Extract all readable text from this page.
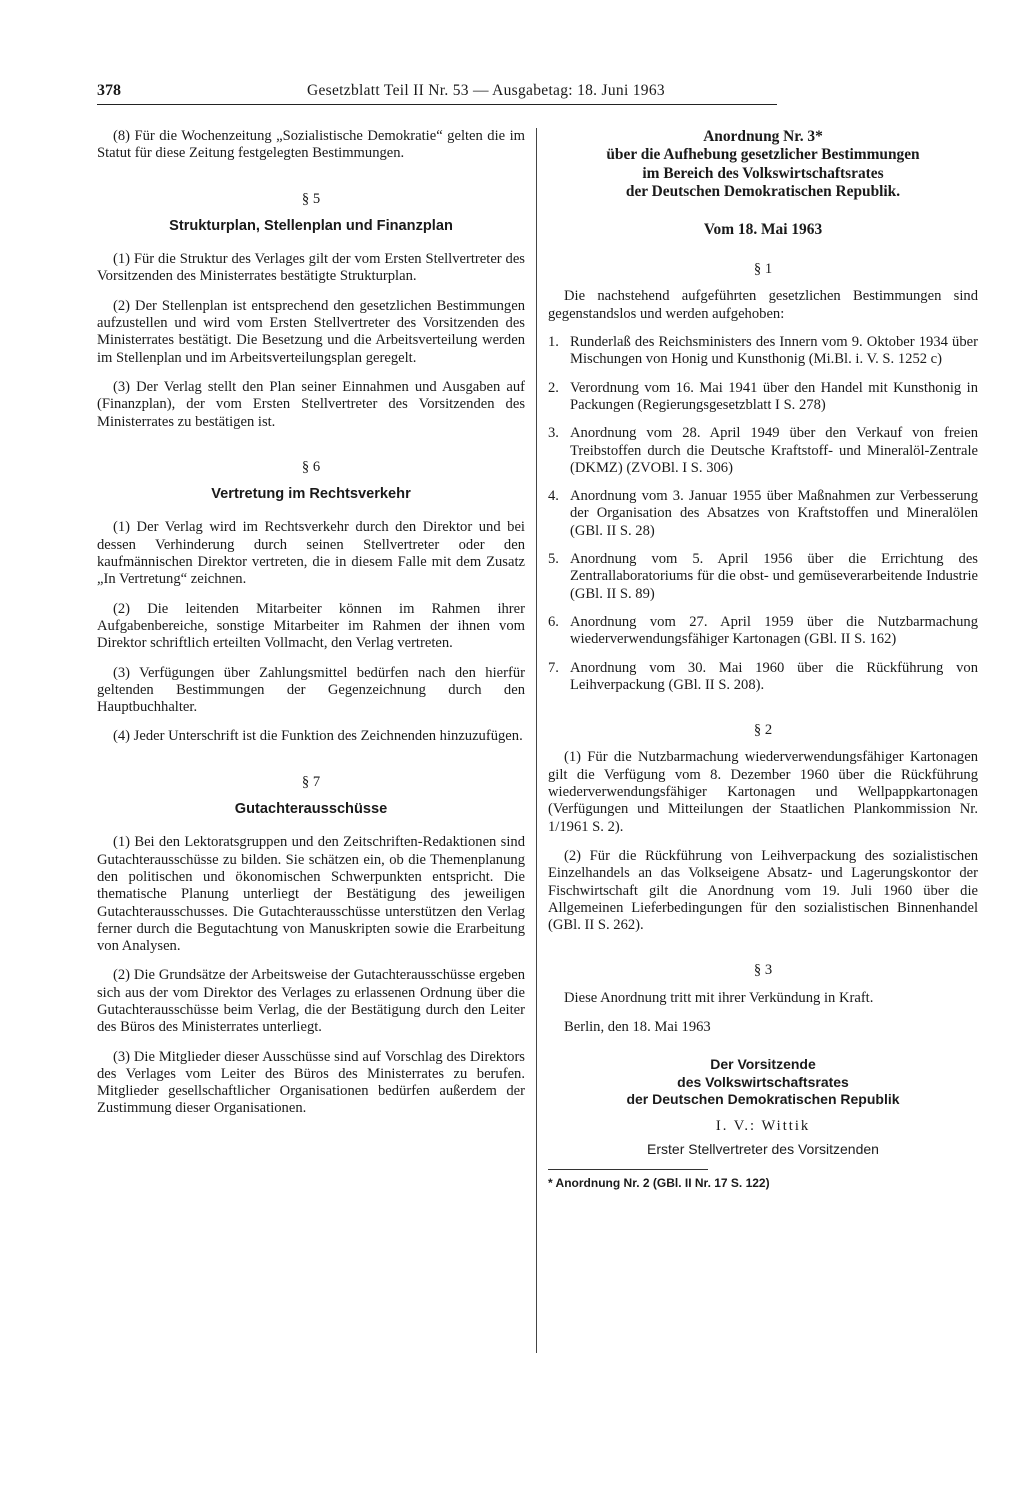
378	Gesetzblatt Teil II Nr. 53 — Ausgabetag: 18. Juni 1963

(8) Für die Wochenzeitung „Sozialistische Demokratie“ gelten die im Statut für diese Zeitung festgelegten Bestimmungen.

§ 5
Strukturplan, Stellenplan und Finanzplan

(1) Für die Struktur des Verlages gilt der vom Ersten Stellvertreter des Vorsitzenden des Ministerrates bestätigte Strukturplan.

(2) Der Stellenplan ist entsprechend den gesetzlichen Bestimmungen aufzustellen und wird vom Ersten Stellvertreter des Vorsitzenden des Ministerrates bestätigt. Die Besetzung und die Arbeitsverteilung werden im Stellenplan und im Arbeitsverteilungsplan geregelt.

(3) Der Verlag stellt den Plan seiner Einnahmen und Ausgaben auf (Finanzplan), der vom Ersten Stellvertreter des Vorsitzenden des Ministerrates zu bestätigen ist.

§ 6
Vertretung im Rechtsverkehr

(1) Der Verlag wird im Rechtsverkehr durch den Direktor und bei dessen Verhinderung durch seinen Stellvertreter oder den kaufmännischen Direktor vertreten, die in diesem Falle mit dem Zusatz „In Vertretung“ zeichnen.

(2) Die leitenden Mitarbeiter können im Rahmen ihrer Aufgabenbereiche, sonstige Mitarbeiter im Rahmen der ihnen vom Direktor schriftlich erteilten Vollmacht, den Verlag vertreten.

(3) Verfügungen über Zahlungsmittel bedürfen nach den hierfür geltenden Bestimmungen der Gegenzeichnung durch den Hauptbuchhalter.

(4) Jeder Unterschrift ist die Funktion des Zeichnenden hinzuzufügen.

§ 7
Gutachterausschüsse

(1) Bei den Lektoratsgruppen und den Zeitschriften-Redaktionen sind Gutachterausschüsse zu bilden. Sie schätzen ein, ob die Themenplanung den politischen und ökonomischen Schwerpunkten entspricht. Die thematische Planung unterliegt der Bestätigung des jeweiligen Gutachterausschusses. Die Gutachterausschüsse unterstützen den Verlag ferner durch die Begutachtung von Manuskripten sowie die Erarbeitung von Analysen.

(2) Die Grundsätze der Arbeitsweise der Gutachterausschüsse ergeben sich aus der vom Direktor des Verlages zu erlassenen Ordnung über die Gutachterausschüsse beim Verlag, die der Bestätigung durch den Leiter des Büros des Ministerrates unterliegt.

(3) Die Mitglieder dieser Ausschüsse sind auf Vorschlag des Direktors des Verlages vom Leiter des Büros des Ministerrates zu berufen. Mitglieder gesellschaftlicher Organisationen bedürfen außerdem der Zustimmung dieser Organisationen.

Anordnung Nr. 3*
über die Aufhebung gesetzlicher Bestimmungen
im Bereich des Volkswirtschaftsrates
der Deutschen Demokratischen Republik.
Vom 18. Mai 1963
§ 1

Die nachstehend aufgeführten gesetzlichen Bestimmungen sind gegenstandslos und werden aufgehoben:

1. Runderlaß des Reichsministers des Innern vom 9. Oktober 1934 über Mischungen von Honig und Kunsthonig (Mi.Bl. i. V. S. 1252 c)
2. Verordnung vom 16. Mai 1941 über den Handel mit Kunsthonig in Packungen (Regierungsgesetzblatt I S. 278)
3. Anordnung vom 28. April 1949 über den Verkauf von freien Treibstoffen durch die Deutsche Kraftstoff- und Mineralöl-Zentrale (DKMZ) (ZVOBl. I S. 306)
4. Anordnung vom 3. Januar 1955 über Maßnahmen zur Verbesserung der Organisation des Absatzes von Kraftstoffen und Mineralölen (GBl. II S. 28)
5. Anordnung vom 5. April 1956 über die Errichtung des Zentrallaboratoriums für die obst- und gemüseverarbeitende Industrie (GBl. II S. 89)
6. Anordnung vom 27. April 1959 über die Nutzbarmachung wiederverwendungsfähiger Kartonagen (GBl. II S. 162)
7. Anordnung vom 30. Mai 1960 über die Rückführung von Leihverpackung (GBl. II S. 208).
§ 2

(1) Für die Nutzbarmachung wiederverwendungsfähiger Kartonagen gilt die Verfügung vom 8. Dezember 1960 über die Rückführung wiederverwendungsfähiger Kartonagen und Wellpappkartonagen (Verfügungen und Mitteilungen der Staatlichen Plankommission Nr. 1/1961 S. 2).

(2) Für die Rückführung von Leihverpackung des sozialistischen Einzelhandels an das Volkseigene Absatz- und Lagerungskontor der Fischwirtschaft gilt die Anordnung vom 19. Juli 1960 über die Allgemeinen Lieferbedingungen für den sozialistischen Binnenhandel (GBl. II S. 262).

§ 3

Diese Anordnung tritt mit ihrer Verkündung in Kraft.

Berlin, den 18. Mai 1963

Der Vorsitzende
des Volkswirtschaftsrates
der Deutschen Demokratischen Republik
I. V.: Wittik
Erster Stellvertreter des Vorsitzenden
* Anordnung Nr. 2 (GBl. II Nr. 17 S. 122)
